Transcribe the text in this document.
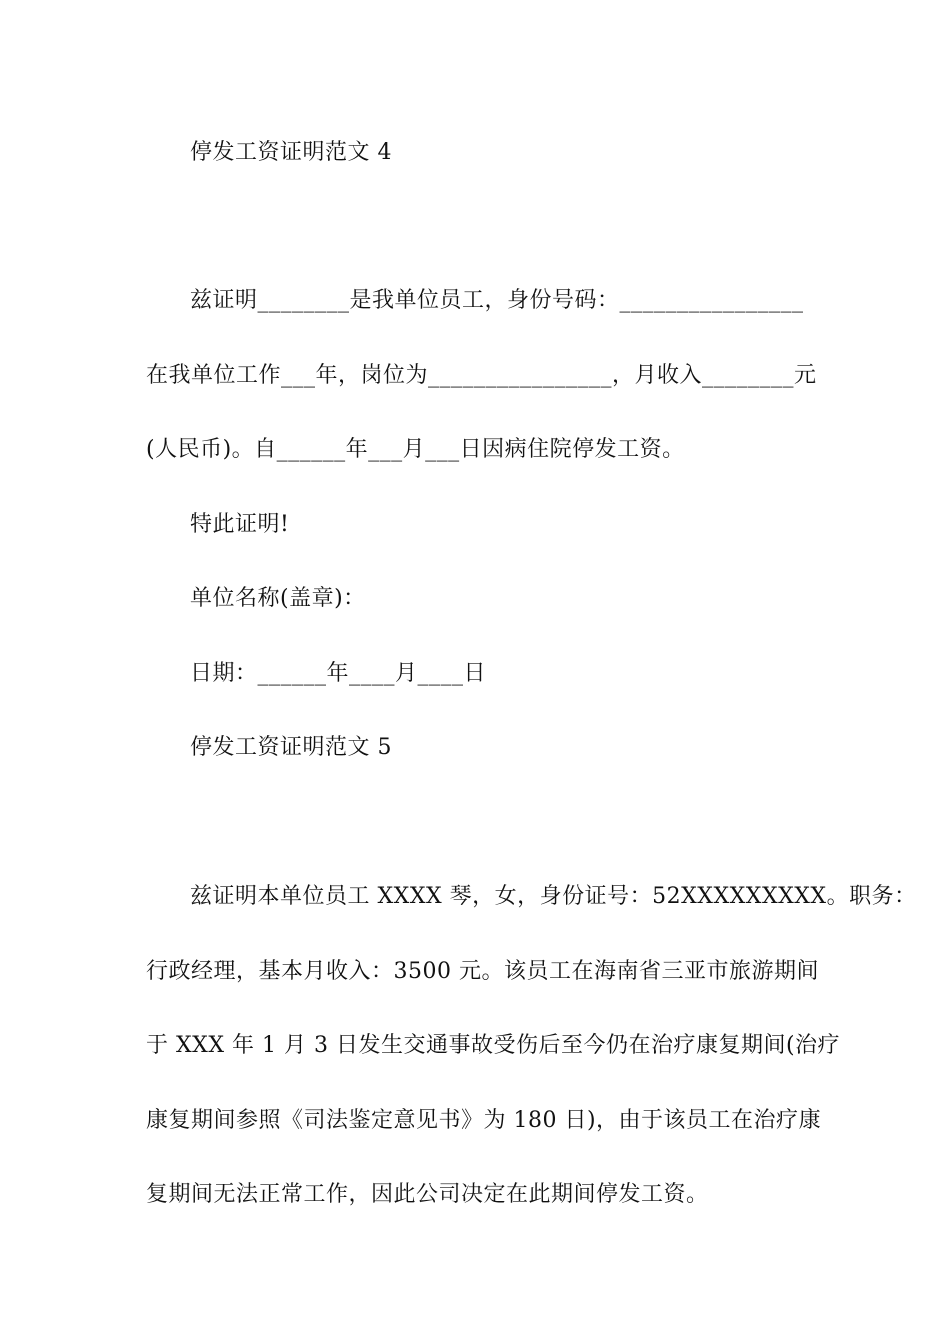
停发工资证明范文 4
兹证明________是我单位员工，身份号码：________________
在我单位工作___年，岗位为________________，月收入________元
(人民币)。自______年___月___日因病住院停发工资。
特此证明!
单位名称(盖章)：
日期：______年____月____日
停发工资证明范文 5
兹证明本单位员工 XXXX 琴，女，身份证号：52XXXXXXXXX。职务：
行政经理，基本月收入：3500 元。该员工在海南省三亚市旅游期间
于 XXX 年 1 月 3 日发生交通事故受伤后至今仍在治疗康复期间(治疗
康复期间参照《司法鉴定意见书》为 180 日)，由于该员工在治疗康
复期间无法正常工作，因此公司决定在此期间停发工资。
